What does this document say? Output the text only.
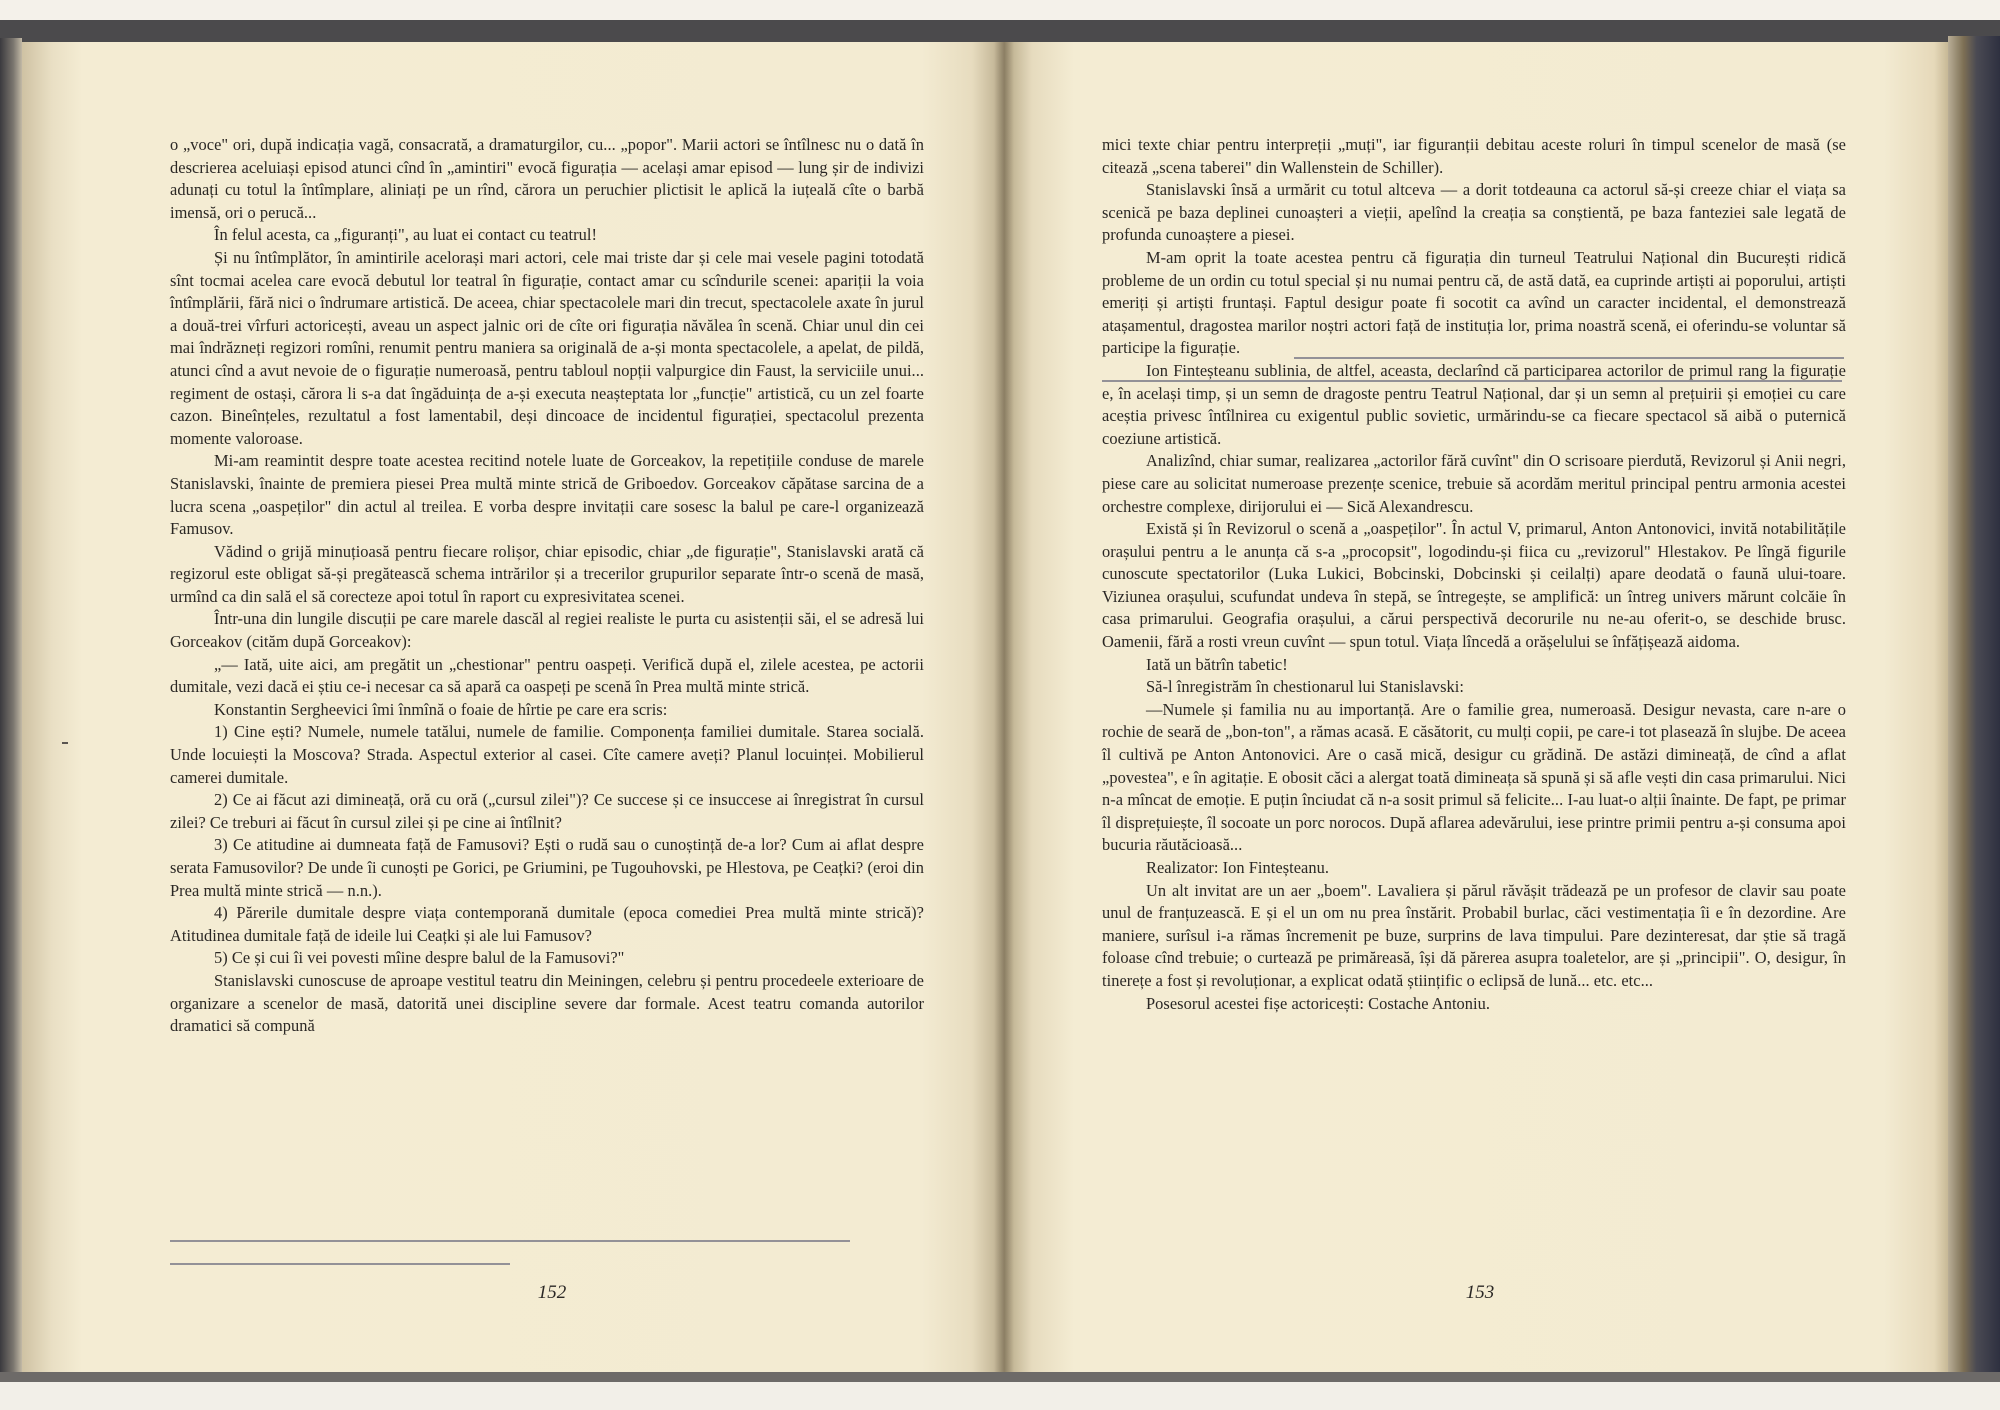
o „voce" ori, după indicația vagă, consacrată, a dramaturgilor, cu... „popor". Marii actori se întîlnesc nu o dată în descrierea aceluiași episod atunci cînd în „amintiri" evocă figurația — același amar episod — lung șir de indivizi adunați cu totul la întîmplare, aliniați pe un rînd, cărora un peruchier plictisit le aplică la iuțeală cîte o barbă imensă, ori o perucă...

În felul acesta, ca „figuranți", au luat ei contact cu teatrul!

Și nu întîmplător, în amintirile acelorași mari actori, cele mai triste dar și cele mai vesele pagini totodată sînt tocmai acelea care evocă debutul lor teatral în figurație, contact amar cu scîndurile scenei: apariții la voia întîmplării, fără nici o îndrumare artistică. De aceea, chiar spectacolele mari din trecut, spectacolele axate în jurul a două-trei vîrfuri actoricești, aveau un aspect jalnic ori de cîte ori figurația năvălea în scenă. Chiar unul din cei mai îndrăzneți regizori romîni, renumit pentru maniera sa originală de a-și monta spectacolele, a apelat, de pildă, atunci cînd a avut nevoie de o figurație numeroasă, pentru tabloul nopții valpurgice din Faust, la serviciile unui... regiment de ostași, cărora li s-a dat îngăduința de a-și executa neașteptata lor „funcție" artistică, cu un zel foarte cazon. Bineînțeles, rezultatul a fost lamentabil, deși dincoace de incidentul figurației, spectacolul prezenta momente valoroase.

Mi-am reamintit despre toate acestea recitind notele luate de Gorceakov, la repetițiile conduse de marele Stanislavski, înainte de premiera piesei Prea multă minte strică de Griboedov. Gorceakov căpătase sarcina de a lucra scena „oaspeților" din actul al treilea. E vorba despre invitații care sosesc la balul pe care-l organizează Famusov.

Vădind o grijă minuțioasă pentru fiecare rolișor, chiar episodic, chiar „de figurație", Stanislavski arată că regizorul este obligat să-și pregătească schema intrărilor și a trecerilor grupurilor separate într-o scenă de masă, urmînd ca din sală el să corecteze apoi totul în raport cu expresivitatea scenei.

Într-una din lungile discuții pe care marele dascăl al regiei realiste le purta cu asistenții săi, el se adresă lui Gorceakov (cităm după Gorceakov):

„— Iată, uite aici, am pregătit un „chestionar" pentru oaspeți. Verifică după el, zilele acestea, pe actorii dumitale, vezi dacă ei știu ce-i necesar ca să apară ca oaspeți pe scenă în Prea multă minte strică.

Konstantin Sergheevici îmi înmînă o foaie de hîrtie pe care era scris:

1) Cine ești? Numele, numele tatălui, numele de familie. Componența familiei dumitale. Starea socială. Unde locuiești la Moscova? Strada. Aspectul exterior al casei. Cîte camere aveți? Planul locuinței. Mobilierul camerei dumitale.

2) Ce ai făcut azi dimineață, oră cu oră („cursul zilei")? Ce succese și ce insuccese ai înregistrat în cursul zilei? Ce treburi ai făcut în cursul zilei și pe cine ai întîlnit?

3) Ce atitudine ai dumneata față de Famusovi? Ești o rudă sau o cunoștință de-a lor? Cum ai aflat despre serata Famusovilor? De unde îi cunoști pe Gorici, pe Griumini, pe Tugouhovski, pe Hlestova, pe Ceațki? (eroi din Prea multă minte strică — n.n.).

4) Părerile dumitale despre viața contemporană dumitale (epoca comediei Prea multă minte strică)? Atitudinea dumitale față de ideile lui Ceațki și ale lui Famusov?

5) Ce și cui îi vei povesti mîine despre balul de la Famusovi?"

Stanislavski cunoscuse de aproape vestitul teatru din Meiningen, celebru și pentru procedeele exterioare de organizare a scenelor de masă, datorită unei discipline severe dar formale. Acest teatru comanda autorilor dramatici să compună

152

mici texte chiar pentru interpreții „muți", iar figuranții debitau aceste roluri în timpul scenelor de masă (se citează „scena taberei" din Wallenstein de Schiller).

Stanislavski însă a urmărit cu totul altceva — a dorit totdeauna ca actorul să-și creeze chiar el viața sa scenică pe baza deplinei cunoașteri a vieții, apelînd la creația sa conștientă, pe baza fanteziei sale legată de profunda cunoaștere a piesei.

M-am oprit la toate acestea pentru că figurația din turneul Teatrului Național din București ridică probleme de un ordin cu totul special și nu numai pentru că, de astă dată, ea cuprinde artiști ai poporului, artiști emeriți și artiști fruntași. Faptul desigur poate fi socotit ca avînd un caracter incidental, el demonstrează atașamentul, dragostea marilor noștri actori față de instituția lor, prima noastră scenă, ei oferindu-se voluntar să participe la figurație.

Ion Finteșteanu sublinia, de altfel, aceasta, declarînd că participarea actorilor de primul rang la figurație e, în același timp, și un semn de dragoste pentru Teatrul Național, dar și un semn al prețuirii și emoției cu care aceștia privesc întîlnirea cu exigentul public sovietic, urmărindu-se ca fiecare spectacol să aibă o puternică coeziune artistică.

Analizînd, chiar sumar, realizarea „actorilor fără cuvînt" din O scrisoare pierdută, Revizorul și Anii negri, piese care au solicitat numeroase prezențe scenice, trebuie să acordăm meritul principal pentru armonia acestei orchestre complexe, dirijorului ei — Sică Alexandrescu.

Există și în Revizorul o scenă a „oaspeților". În actul V, primarul, Anton Antonovici, invită notabilitățile orașului pentru a le anunța că s-a „procopsit", logodindu-și fiica cu „revizorul" Hlestakov. Pe lîngă figurile cunoscute spectatorilor (Luka Lukici, Bobcinski, Dobcinski și ceilalți) apare deodată o faună ului-toare. Viziunea orașului, scufundat undeva în stepă, se întregește, se amplifică: un întreg univers mărunt colcăie în casa primarului. Geografia orașului, a cărui perspectivă decorurile nu ne-au oferit-o, se deschide brusc. Oamenii, fără a rosti vreun cuvînt — spun totul. Viața lîncedă a orășelului se înfățișează aidoma.

Iată un bătrîn tabetic!

Să-l înregistrăm în chestionarul lui Stanislavski:

—Numele și familia nu au importanță. Are o familie grea, numeroasă. Desigur nevasta, care n-are o rochie de seară de „bon-ton", a rămas acasă. E căsătorit, cu mulți copii, pe care-i tot plasează în slujbe. De aceea îl cultivă pe Anton Antonovici. Are o casă mică, desigur cu grădină. De astăzi dimineață, de cînd a aflat „povestea", e în agitație. E obosit căci a alergat toată dimineața să spună și să afle vești din casa primarului. Nici n-a mîncat de emoție. E puțin înciudat că n-a sosit primul să felicite... I-au luat-o alții înainte. De fapt, pe primar îl disprețuiește, îl socoate un porc norocos. După aflarea adevărului, iese printre primii pentru a-și consuma apoi bucuria răutăcioasă...

Realizator: Ion Finteșteanu.

Un alt invitat are un aer „boem". Lavaliera și părul răvășit trădează pe un profesor de clavir sau poate unul de franțuzească. E și el un om nu prea înstărit. Probabil burlac, căci vestimentația îi e în dezordine. Are maniere, surîsul i-a rămas încremenit pe buze, surprins de lava timpului. Pare dezinteresat, dar știe să tragă foloase cînd trebuie; o curtează pe primăreasă, își dă părerea asupra toaletelor, are și „principii". O, desigur, în tinerețe a fost și revoluționar, a explicat odată științific o eclipsă de lună... etc. etc...

Posesorul acestei fișe actoricești: Costache Antoniu.

153
